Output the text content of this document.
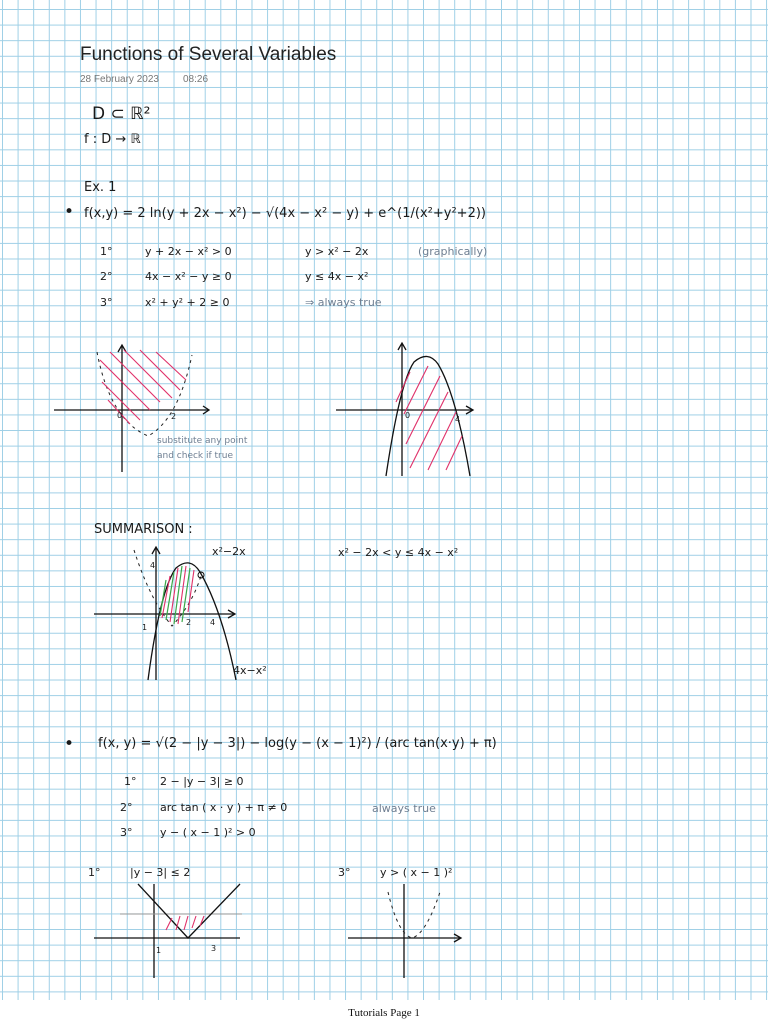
Functions of Several Variables
28 February 2023 08:26
D ⊂ ℝ²
f : D → ℝ
Ex. 1
• f(x,y) = 2 ln(y + 2x − x²) − √(4x − x² − y) + e^(1/(x²+y²+2))
1°	y + 2x − x² > 0	y > x² − 2x	(graphically)
2°	4x − x² − y ≥ 0	y ≤ 4x − x²
3°	x² + y² + 2 ≥ 0	⇒ always true
substitute any point
and check if true
SUMMARISON :
x² − 2x < y ≤ 4x − x²
x²−2x
4x−x²
• f(x, y) = √(2 − |y − 3|) − log(y − (x − 1)²) / (arc tan(x·y) + π)
1° 2 − |y − 3| ≥ 0
2°	arc tan ( x · y ) + π ≠ 0	always true
3°	y − ( x − 1 )² > 0
1°	|y − 3| ≤ 2	3°	y > ( x − 1 )²
0	2	0	4
1
2 4
4
1	3
Tutorials Page 1
